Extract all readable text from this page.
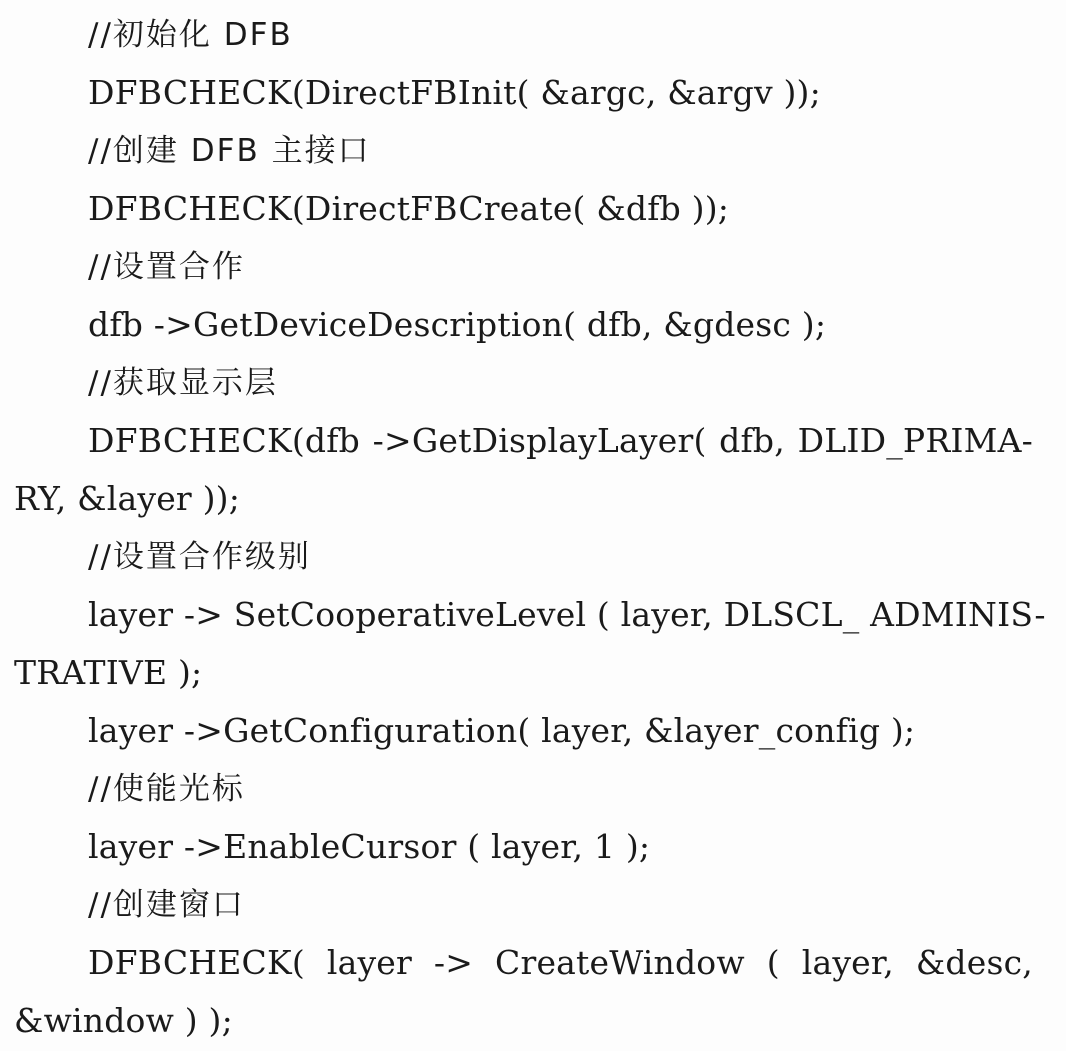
//初始化 DFB
DFBCHECK(DirectFBInit( &argc, &argv ));
//创建 DFB 主接口
DFBCHECK(DirectFBCreate( &dfb ));
//设置合作
dfb ->GetDeviceDescription( dfb, &gdesc );
//获取显示层
DFBCHECK(dfb ->GetDisplayLayer( dfb, DLID_PRIMA-
RY, &layer ));
//设置合作级别
layer -> SetCooperativeLevel ( layer, DLSCL_ ADMINIS-
TRATIVE );
layer ->GetConfiguration( layer, &layer_config );
//使能光标
layer ->EnableCursor ( layer, 1 );
//创建窗口
DFBCHECK( layer -> CreateWindow ( layer, &desc,
&window ) );
